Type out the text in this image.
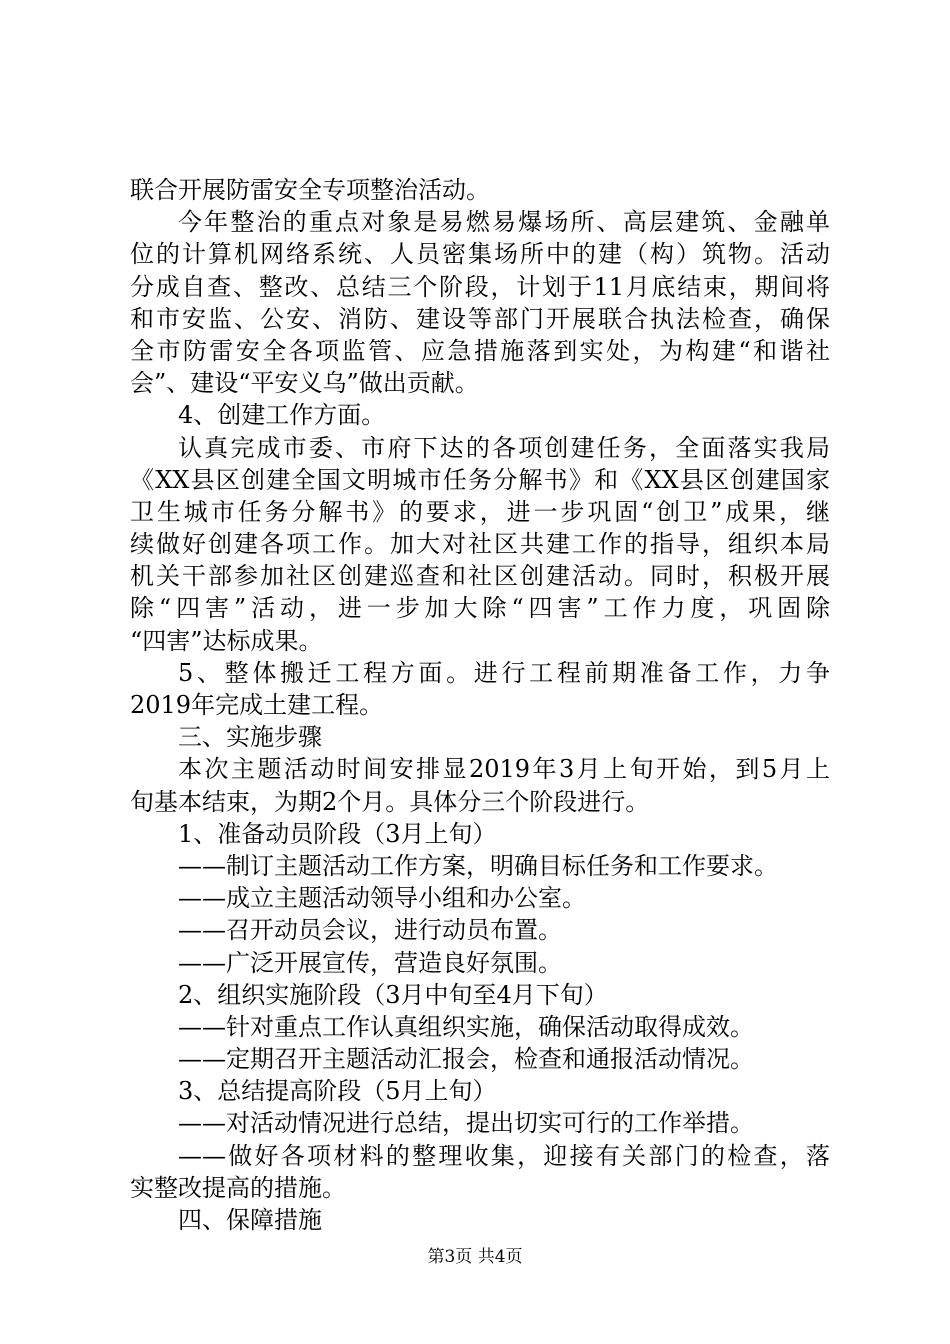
联合开展防雷安全专项整治活动。
今年整治的重点对象是易燃易爆场所、高层建筑、金融单
位的计算机网络系统、人员密集场所中的建（构）筑物。活动
分成自查、整改、总结三个阶段，计划于11月底结束，期间将
和市安监、公安、消防、建设等部门开展联合执法检查，确保
全市防雷安全各项监管、应急措施落到实处，为构建“和谐社
会”、建设“平安义乌”做出贡献。
4、创建工作方面。
认真完成市委、市府下达的各项创建任务，全面落实我局
《XX县区创建全国文明城市任务分解书》和《XX县区创建国家
卫生城市任务分解书》的要求，进一步巩固“创卫”成果，继
续做好创建各项工作。加大对社区共建工作的指导，组织本局
机关干部参加社区创建巡查和社区创建活动。同时，积极开展
除“四害”活动，进一步加大除“四害”工作力度，巩固除
“四害”达标成果。
5、整体搬迁工程方面。进行工程前期准备工作，力争
2019年完成土建工程。
三、实施步骤
本次主题活动时间安排显2019年3月上旬开始，到5月上
旬基本结束，为期2个月。具体分三个阶段进行。
1、准备动员阶段（3月上旬）
——制订主题活动工作方案，明确目标任务和工作要求。
——成立主题活动领导小组和办公室。
——召开动员会议，进行动员布置。
——广泛开展宣传，营造良好氛围。
2、组织实施阶段（3月中旬至4月下旬）
——针对重点工作认真组织实施，确保活动取得成效。
——定期召开主题活动汇报会，检查和通报活动情况。
3、总结提高阶段（5月上旬）
——对活动情况进行总结，提出切实可行的工作举措。
——做好各项材料的整理收集，迎接有关部门的检查，落
实整改提高的措施。
四、保障措施
第3页 共4页
